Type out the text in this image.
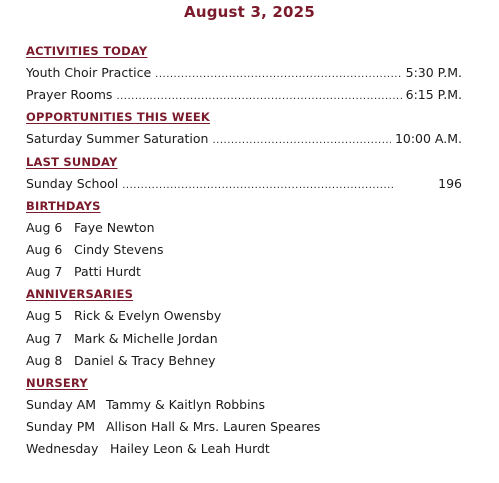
August 3, 2025
ACTIVITIES TODAY
Youth Choir Practice .....	5:30 P.M.
Prayer Rooms .....	6:15 P.M.
OPPORTUNITIES THIS WEEK
Saturday Summer Saturation .....	10:00 A.M.
LAST SUNDAY
Sunday School .....	196
BIRTHDAYS
Aug 6 Faye Newton
Aug 6 Cindy Stevens
Aug 7 Patti Hurdt
ANNIVERSARIES
Aug 5 Rick & Evelyn Owensby
Aug 7 Mark & Michelle Jordan
Aug 8 Daniel & Tracy Behney
NURSERY
Sunday AM Tammy & Kaitlyn Robbins
Sunday PM Allison Hall & Mrs. Lauren Speares
Wednesday Hailey Leon & Leah Hurdt
